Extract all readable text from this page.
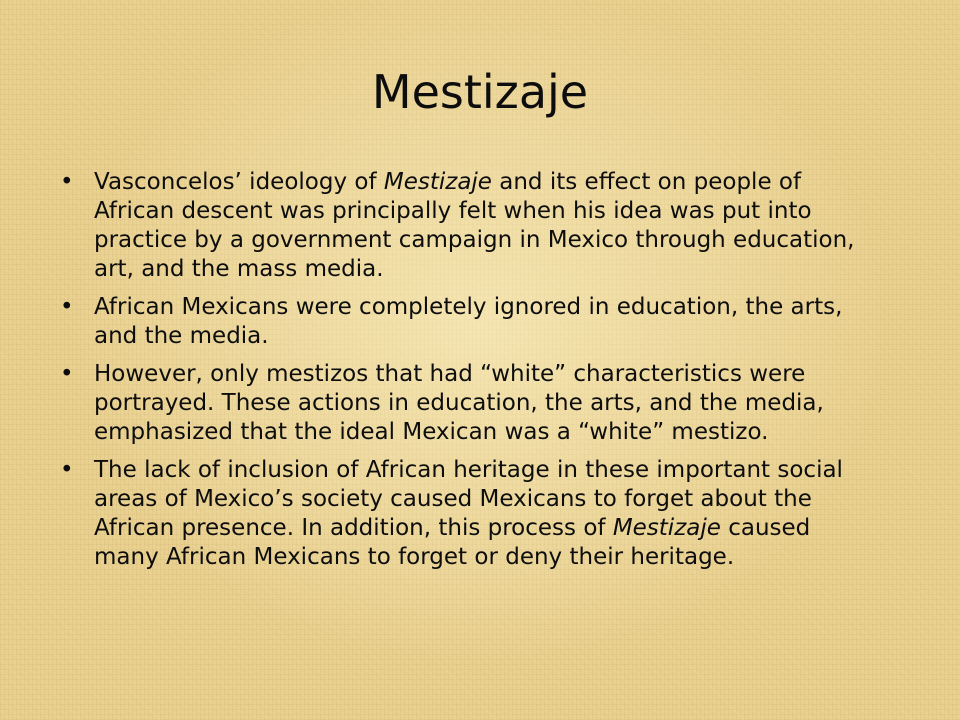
Mestizaje
• Vasconcelos’ ideology of Mestizaje and its effect on people of African descent was principally felt when his idea was put into practice by a government campaign in Mexico through education, art, and the mass media.
• African Mexicans were completely ignored in education, the arts, and the media.
• However, only mestizos that had “white” characteristics were portrayed. These actions in education, the arts, and the media, emphasized that the ideal Mexican was a “white” mestizo.
• The lack of inclusion of African heritage in these important social areas of Mexico’s society caused Mexicans to forget about the African presence. In addition, this process of Mestizaje caused many African Mexicans to forget or deny their heritage.
